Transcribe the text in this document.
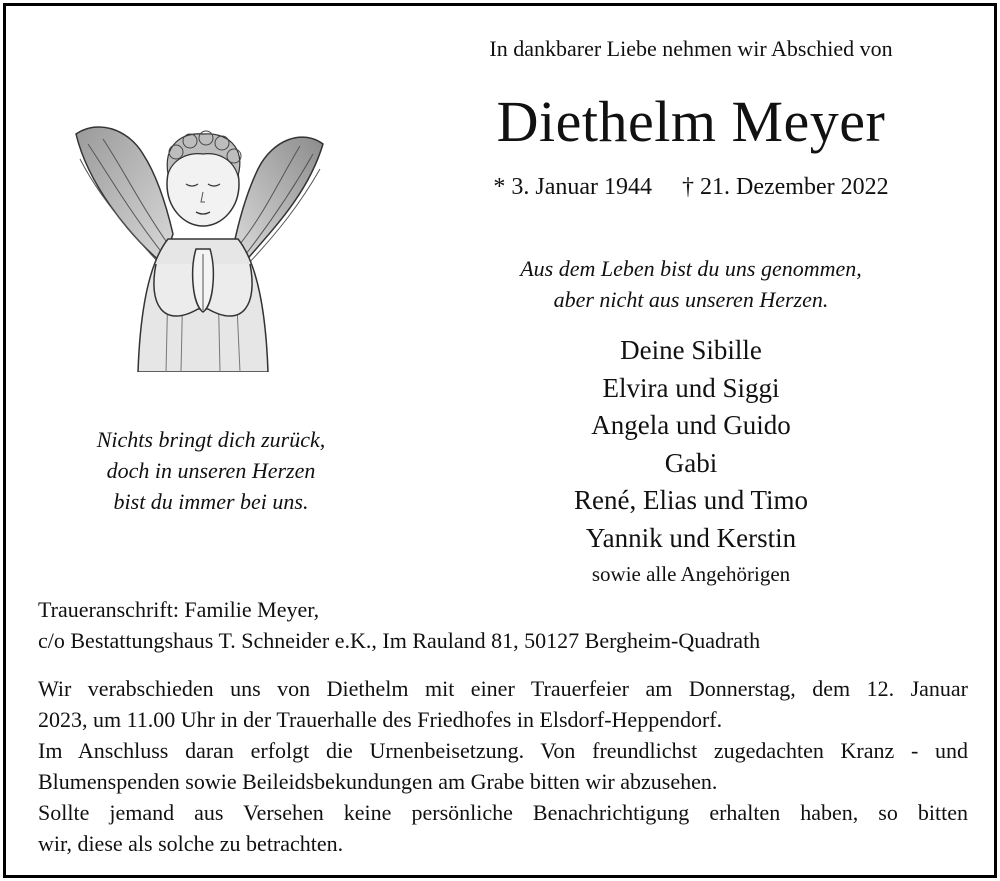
In dankbarer Liebe nehmen wir Abschied von
Diethelm Meyer
* 3. Januar 1944 † 21. Dezember 2022
Aus dem Leben bist du uns genommen,
aber nicht aus unseren Herzen.
Deine Sibille
Elvira und Siggi
Angela und Guido
Gabi
René, Elias und Timo
Yannik und Kerstin
sowie alle Angehörigen
Nichts bringt dich zurück,
doch in unseren Herzen
bist du immer bei uns.
Traueranschrift: Familie Meyer,
c/o Bestattungshaus T. Schneider e.K., Im Rauland 81, 50127 Bergheim-Quadrath
Wir verabschieden uns von Diethelm mit einer Trauerfeier am Donnerstag, dem 12. Januar
2023, um 11.00 Uhr in der Trauerhalle des Friedhofes in Elsdorf-Heppendorf.
Im Anschluss daran erfolgt die Urnenbeisetzung. Von freundlichst zugedachten Kranz - und
Blumenspenden sowie Beileidsbekundungen am Grabe bitten wir abzusehen.
Sollte jemand aus Versehen keine persönliche Benachrichtigung erhalten haben, so bitten
wir, diese als solche zu betrachten.
